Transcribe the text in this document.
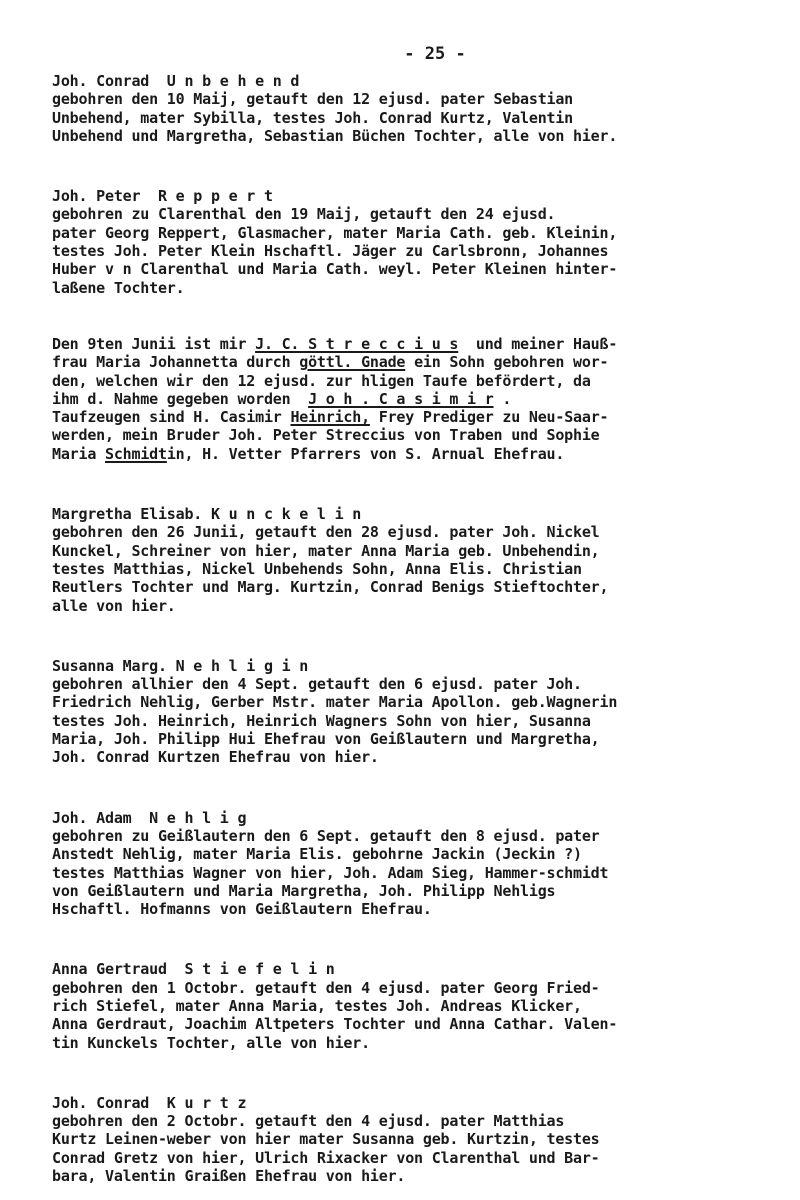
- 25 -
Joh. Conrad  U n b e h e n d
gebohren den 10 Maij, getauft den 12 ejusd. pater Sebastian
Unbehend, mater Sybilla, testes Joh. Conrad Kurtz, Valentin
Unbehend und Margretha, Sebastian Büchen Tochter, alle von hier.
Joh. Peter  R e p p e r t
gebohren zu Clarenthal den 19 Maij, getauft den 24 ejusd.
pater Georg Reppert, Glasmacher, mater Maria Cath. geb. Kleinin,
testes Joh. Peter Klein Hschaftl. Jäger zu Carlsbronn, Johannes
Huber v n Clarenthal und Maria Cath. weyl. Peter Kleinen hinter-
laßene Tochter.
Den 9ten Junii ist mir J. C. S t r e c c i u s  und meiner Hauß-
frau Maria Johannetta durch göttl. Gnade ein Sohn gebohren wor-
den, welchen wir den 12 ejusd. zur hligen Taufe befördert, da
ihm d. Nahme gegeben worden  J o h . C a s i m i r .
Taufzeugen sind H. Casimir Heinrich, Frey Prediger zu Neu-Saar-
werden, mein Bruder Joh. Peter Streccius von Traben und Sophie
Maria Schmidtin, H. Vetter Pfarrers von S. Arnual Ehefrau.
Margretha Elisab. K u n c k e l i n
gebohren den 26 Junii, getauft den 28 ejusd. pater Joh. Nickel
Kunckel, Schreiner von hier, mater Anna Maria geb. Unbehendin,
testes Matthias, Nickel Unbehends Sohn, Anna Elis. Christian
Reutlers Tochter und Marg. Kurtzin, Conrad Benigs Stieftochter,
alle von hier.
Susanna Marg. N e h l i g i n
gebohren allhier den 4 Sept. getauft den 6 ejusd. pater Joh.
Friedrich Nehlig, Gerber Mstr. mater Maria Apollon. geb.Wagnerin
testes Joh. Heinrich, Heinrich Wagners Sohn von hier, Susanna
Maria, Joh. Philipp Hui Ehefrau von Geißlautern und Margretha,
Joh. Conrad Kurtzen Ehefrau von hier.
Joh. Adam  N e h l i g
gebohren zu Geißlautern den 6 Sept. getauft den 8 ejusd. pater
Anstedt Nehlig, mater Maria Elis. gebohrne Jackin (Jeckin ?)
testes Matthias Wagner von hier, Joh. Adam Sieg, Hammer-schmidt
von Geißlautern und Maria Margretha, Joh. Philipp Nehligs
Hschaftl. Hofmanns von Geißlautern Ehefrau.
Anna Gertraud  S t i e f e l i n
gebohren den 1 Octobr. getauft den 4 ejusd. pater Georg Fried-
rich Stiefel, mater Anna Maria, testes Joh. Andreas Klicker,
Anna Gerdraut, Joachim Altpeters Tochter und Anna Cathar. Valen-
tin Kunckels Tochter, alle von hier.
Joh. Conrad  K u r t z
gebohren den 2 Octobr. getauft den 4 ejusd. pater Matthias
Kurtz Leinen-weber von hier mater Susanna geb. Kurtzin, testes
Conrad Gretz von hier, Ulrich Rixacker von Clarenthal und Bar-
bara, Valentin Graißen Ehefrau von hier.
